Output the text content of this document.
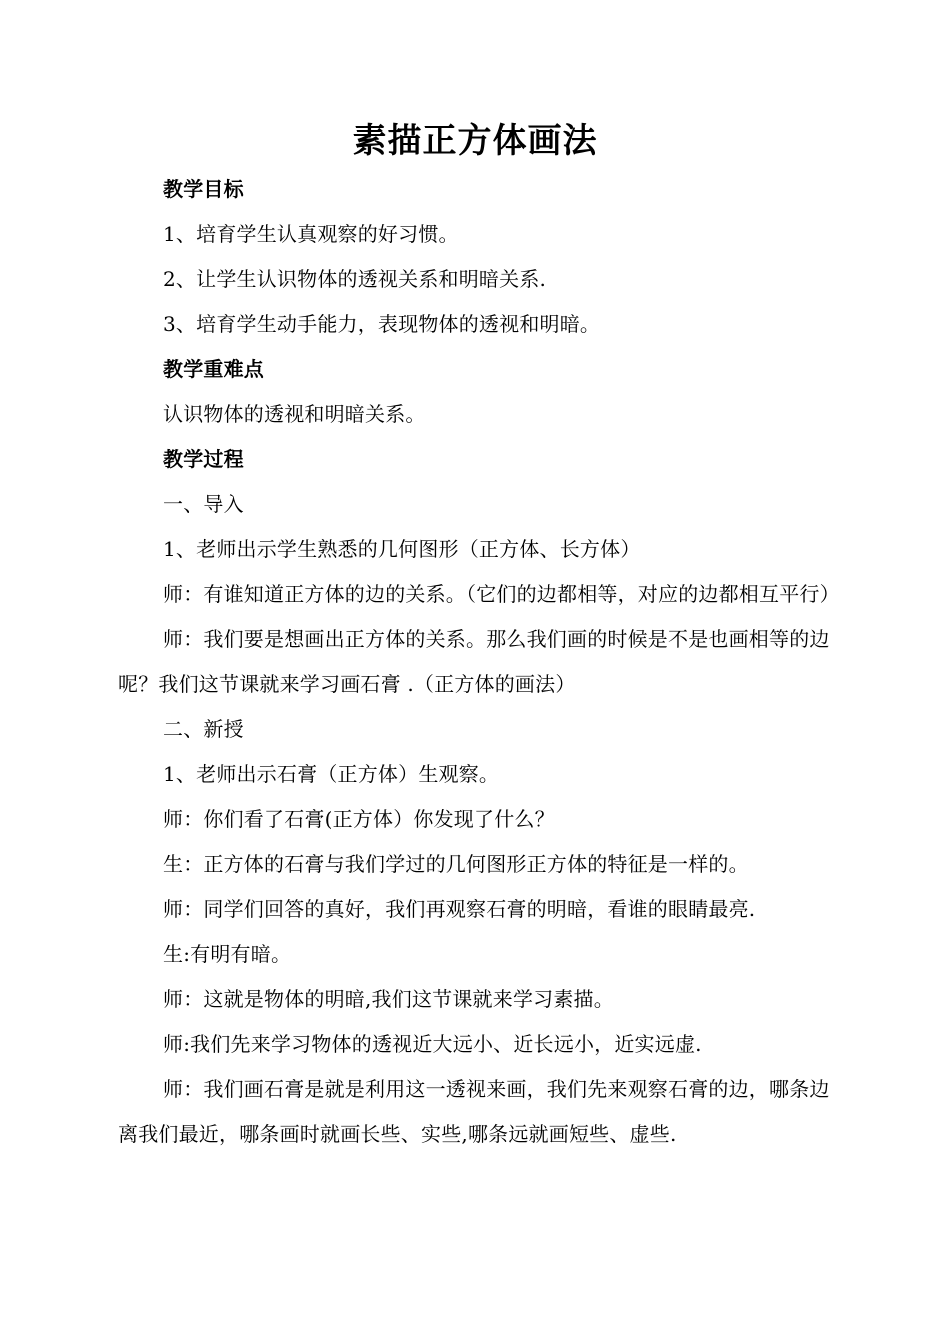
素描正方体画法

教学目标

1、培育学生认真观察的好习惯。

2、让学生认识物体的透视关系和明暗关系.

3、培育学生动手能力，表现物体的透视和明暗。

教学重难点

认识物体的透视和明暗关系。

教学过程

一、导入

1、老师出示学生熟悉的几何图形（正方体、长方体）

师：有谁知道正方体的边的关系。（它们的边都相等，对应的边都相互平行）

师：我们要是想画出正方体的关系。那么我们画的时候是不是也画相等的边呢？我们这节课就来学习画石膏 .（正方体的画法）

二、新授

1、老师出示石膏（正方体）生观察。

师：你们看了石膏(正方体）你发现了什么？

生：正方体的石膏与我们学过的几何图形正方体的特征是一样的。

师：同学们回答的真好，我们再观察石膏的明暗，看谁的眼睛最亮.

生:有明有暗。

师：这就是物体的明暗,我们这节课就来学习素描。

师:我们先来学习物体的透视近大远小、近长远小，近实远虚.

师：我们画石膏是就是利用这一透视来画，我们先来观察石膏的边，哪条边离我们最近，哪条画时就画长些、实些,哪条远就画短些、虚些.
